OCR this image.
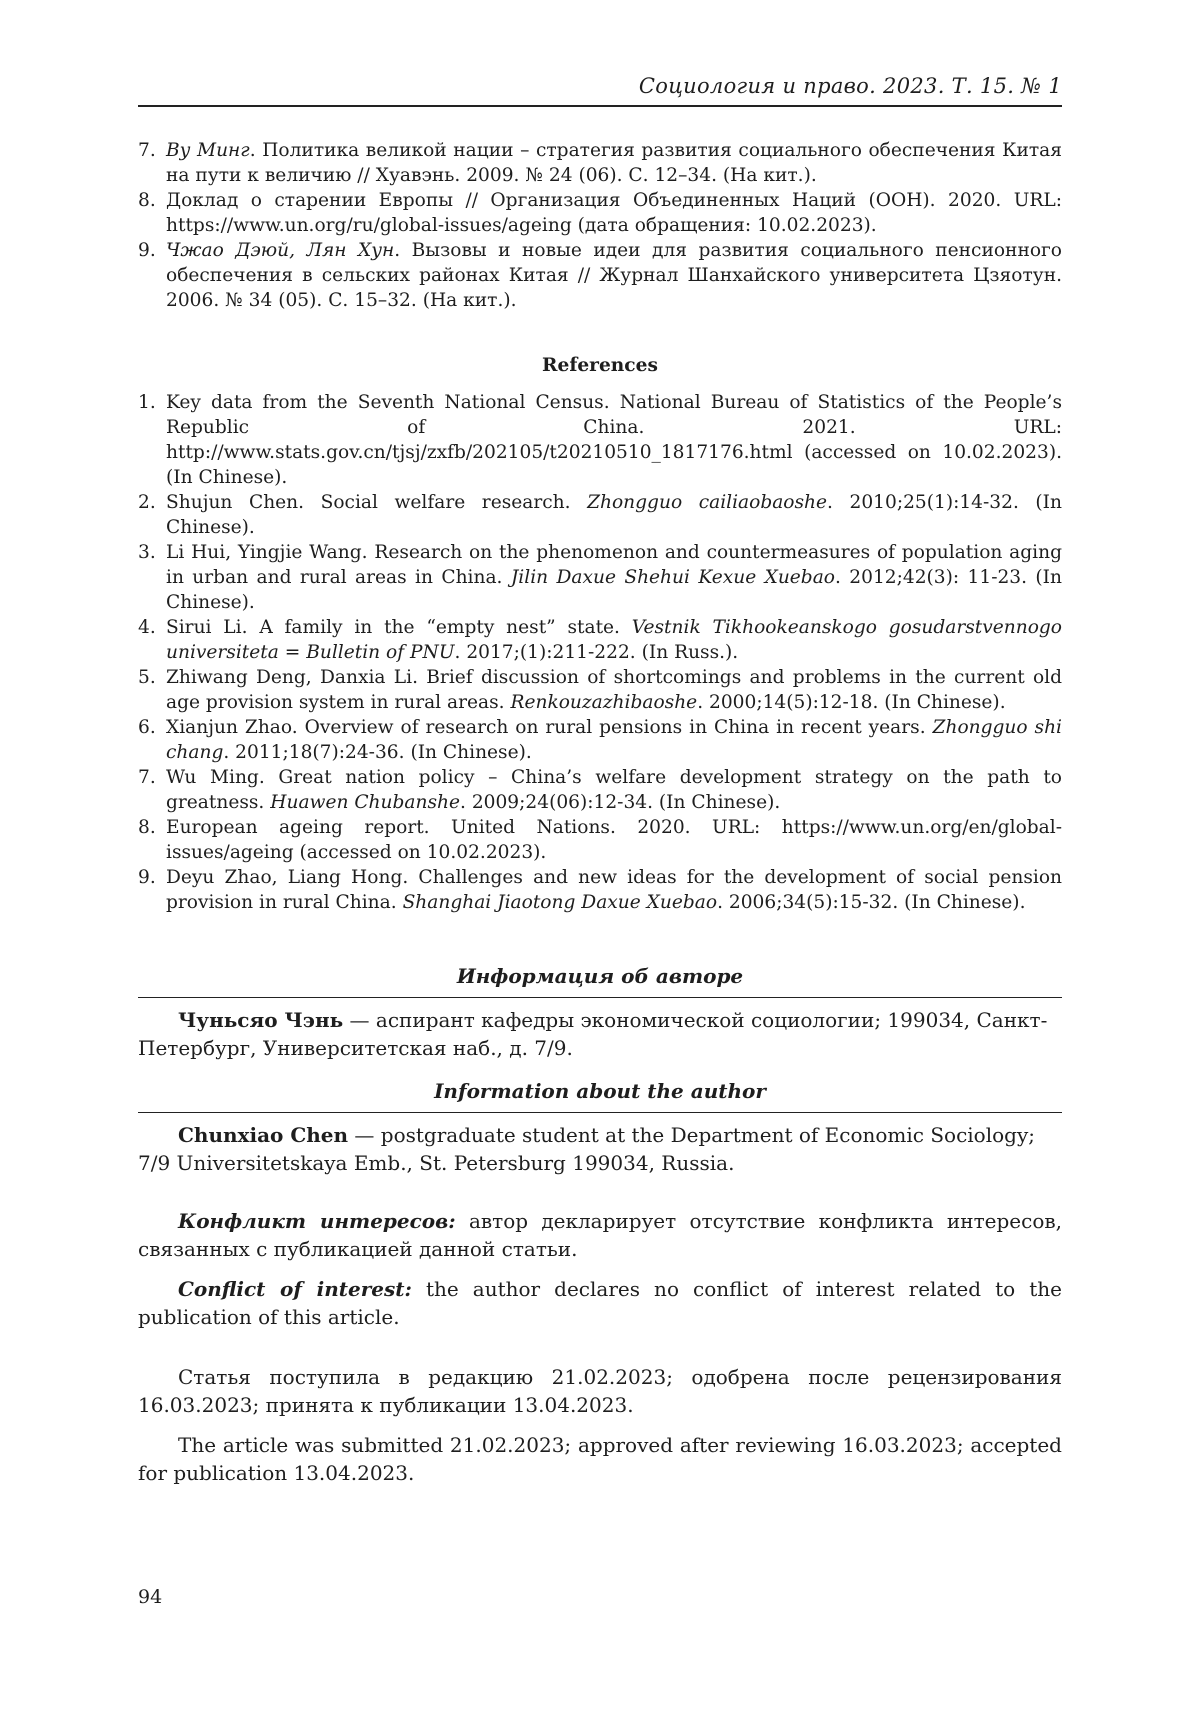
Социология и право. 2023. Т. 15. № 1
7. Ву Минг. Политика великой нации – стратегия развития социального обеспечения Китая на пути к величию // Хуавэнь. 2009. № 24 (06). С. 12–34. (На кит.).
8. Доклад о старении Европы // Организация Объединенных Наций (ООН). 2020. URL: https://www.un.org/ru/global-issues/ageing (дата обращения: 10.02.2023).
9. Чжао Дэюй, Лян Хун. Вызовы и новые идеи для развития социального пенсионного обеспечения в сельских районах Китая // Журнал Шанхайского университета Цзяотун. 2006. № 34 (05). С. 15–32. (На кит.).
References
1. Key data from the Seventh National Census. National Bureau of Statistics of the People’s Republic of China. 2021. URL: http://www.stats.gov.cn/tjsj/zxfb/202105/t20210510_1817176.html (accessed on 10.02.2023). (In Chinese).
2. Shujun Chen. Social welfare research. Zhongguo cailiaobaoshe. 2010;25(1):14-32. (In Chinese).
3. Li Hui, Yingjie Wang. Research on the phenomenon and countermeasures of population aging in urban and rural areas in China. Jilin Daxue Shehui Kexue Xuebao. 2012;42(3): 11-23. (In Chinese).
4. Sirui Li. A family in the “empty nest” state. Vestnik Tikhookeanskogo gosudarstvennogo universiteta = Bulletin of PNU. 2017;(1):211-222. (In Russ.).
5. Zhiwang Deng, Danxia Li. Brief discussion of shortcomings and problems in the current old age provision system in rural areas. Renkouzazhibaoshe. 2000;14(5):12-18. (In Chinese).
6. Xianjun Zhao. Overview of research on rural pensions in China in recent years. Zhongguo shi chang. 2011;18(7):24-36. (In Chinese).
7. Wu Ming. Great nation policy – China’s welfare development strategy on the path to greatness. Huawen Chubanshe. 2009;24(06):12-34. (In Chinese).
8. European ageing report. United Nations. 2020. URL: https://www.un.org/en/global-issues/ageing (accessed on 10.02.2023).
9. Deyu Zhao, Liang Hong. Challenges and new ideas for the development of social pension provision in rural China. Shanghai Jiaotong Daxue Xuebao. 2006;34(5):15-32. (In Chinese).
Информация об авторе
Чуньсяо Чэнь — аспирант кафедры экономической социологии; 199034, Санкт-Петербург, Университетская наб., д. 7/9.
Information about the author
Chunxiao Chen — postgraduate student at the Department of Economic Sociology; 7/9 Universitetskaya Emb., St. Petersburg 199034, Russia.
Конфликт интересов: автор декларирует отсутствие конфликта интересов, связанных с публикацией данной статьи.
Conflict of interest: the author declares no conflict of interest related to the publication of this article.
Статья поступила в редакцию 21.02.2023; одобрена после рецензирования 16.03.2023; принята к публикации 13.04.2023.
The article was submitted 21.02.2023; approved after reviewing 16.03.2023; accepted for publication 13.04.2023.
94
